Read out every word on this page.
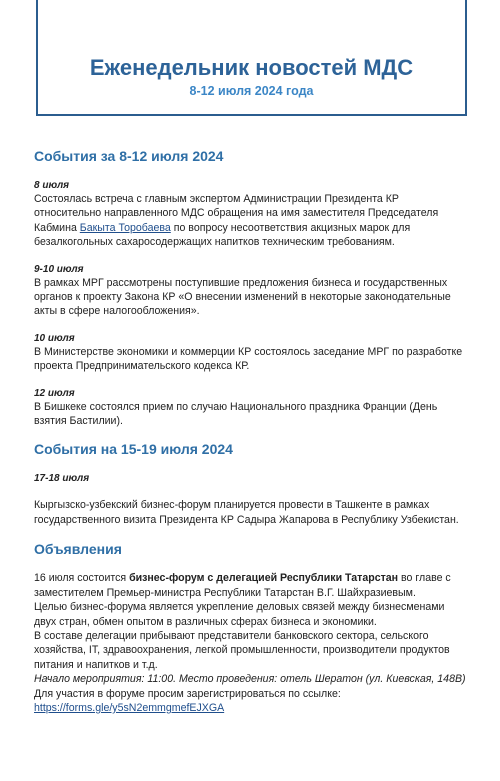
Еженедельник новостей МДС
8-12 июля 2024 года
События за 8-12 июля 2024
8 июля

Состоялась встреча с главным экспертом Администрации Президента КР относительно направленного МДС обращения на имя заместителя Председателя Кабмина Бакыта Торобаева по вопросу несоответствия акцизных марок для безалкогольных сахаросодержащих напитков техническим требованиям.

9-10 июля

В рамках МРГ рассмотрены поступившие предложения бизнеса и государственных органов к проекту Закона КР «О внесении изменений в некоторые законодательные акты в сфере налогообложения».

10 июля

В Министерстве экономики и коммерции КР состоялось заседание МРГ по разработке проекта Предпринимательского кодекса КР.

12 июля

В Бишкеке состоялся прием по случаю Национального праздника Франции (День взятия Бастилии).

События на 15-19 июля 2024
17-18 июля

Кыргызско-узбекский бизнес-форум планируется провести в Ташкенте в рамках государственного визита Президента КР Садыра Жапарова в Республику Узбекистан.

Объявления

16 июля состоится бизнес-форум с делегацией Республики Татарстан во главе с заместителем Премьер-министра Республики Татарстан В.Г. Шайхразиевым.

Целью бизнес-форума является укрепление деловых связей между бизнесменами двух стран, обмен опытом в различных сферах бизнеса и экономики.

В составе делегации прибывают представители банковского сектора, сельского хозяйства, IT, здравоохранения, легкой промышленности, производители продуктов питания и напитков и т.д.

Начало мероприятия: 11:00. Место проведения: отель Шератон (ул. Киевская, 148В)

Для участия в форуме просим зарегистрироваться по ссылке: https://forms.gle/y5sN2emmgmefEJXGA
